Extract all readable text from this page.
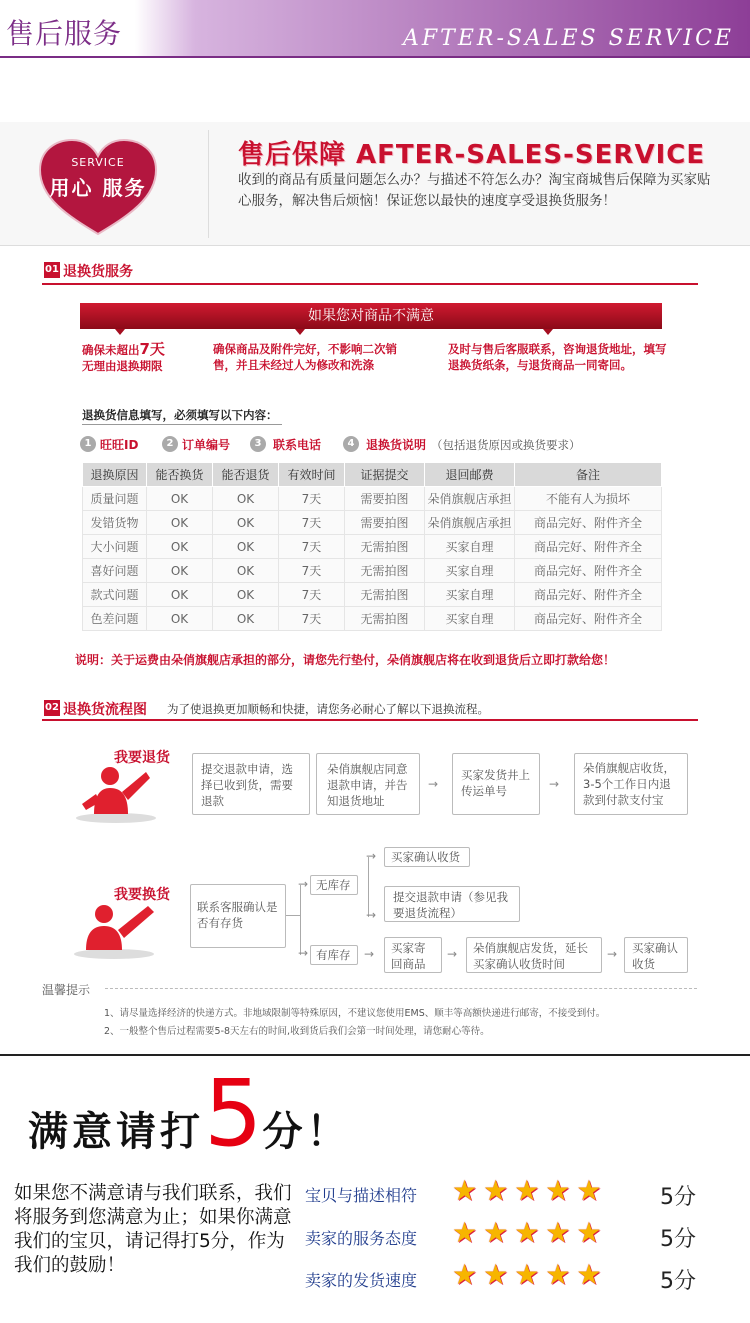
售后服务	AFTER-SALES SERVICE
SERVICE
用心 服务
售后保障 AFTER-SALES-SERVICE
收到的商品有质量问题怎么办？与描述不符怎么办？淘宝商城售后保障为买家贴心服务，解决售后烦恼！保证您以最快的速度享受退换货服务！
01 退换货服务
如果您对商品不满意
确保未超出7天
无理由退换期限
确保商品及附件完好，不影响二次销售，并且未经过人为修改和洗涤
及时与售后客服联系，咨询退货地址，填写退换货纸条，与退货商品一同寄回。
退换货信息填写，必须填写以下内容：
1 旺旺ID	2 订单编号	3 联系电话	4 退换货说明 （包括退货原因或换货要求）
退换原因	能否换货	能否退货	有效时间	证据提交	退回邮费	备注
质量问题	OK	OK	7天	需要拍图	朵俏旗舰店承担	不能有人为损坏
发错货物	OK	OK	7天	需要拍图	朵俏旗舰店承担	商品完好、附件齐全
大小问题	OK	OK	7天	无需拍图	买家自理	商品完好、附件齐全
喜好问题	OK	OK	7天	无需拍图	买家自理	商品完好、附件齐全
款式问题	OK	OK	7天	无需拍图	买家自理	商品完好、附件齐全
色差问题	OK	OK	7天	无需拍图	买家自理	商品完好、附件齐全
说明：关于运费由朵俏旗舰店承担的部分，请您先行垫付，朵俏旗舰店将在收到退货后立即打款给您！
02 退换货流程图 为了使退换更加顺畅和快捷，请您务必耐心了解以下退换流程。
我要退货
提交退款申请，选择已收到货，需要退款
朵俏旗舰店同意退款申请，并告知退货地址
→
买家发货井上传运单号	→
朵俏旗舰店收货，3-5个工作日内退款到付款支付宝
我要换货
联系客服确认是否有存货
→
→
无库存
→
→
买家确认收货
提交退款申请（参见我要退货流程）
有库存	→	买家寄回商品
→	朵俏旗舰店发货，延长买家确认收货时间
→	买家确认收货
温馨提示
1、请尽量选择经济的快递方式。非地域限制等特殊原因，不建议您使用EMS、顺丰等高额快递进行邮寄，不接受到付。
2、一般整个售后过程需要5-8天左右的时间,收到货后我们会第一时间处理，请您耐心等待。
满意请打5分！
如果您不满意请与我们联系，我们将服务到您满意为止；如果你满意我们的宝贝，请记得打5分，作为我们的鼓励！
宝贝与描述相符 ★★★★★ 5分
卖家的服务态度 ★★★★★ 5分
卖家的发货速度 ★★★★★ 5分
